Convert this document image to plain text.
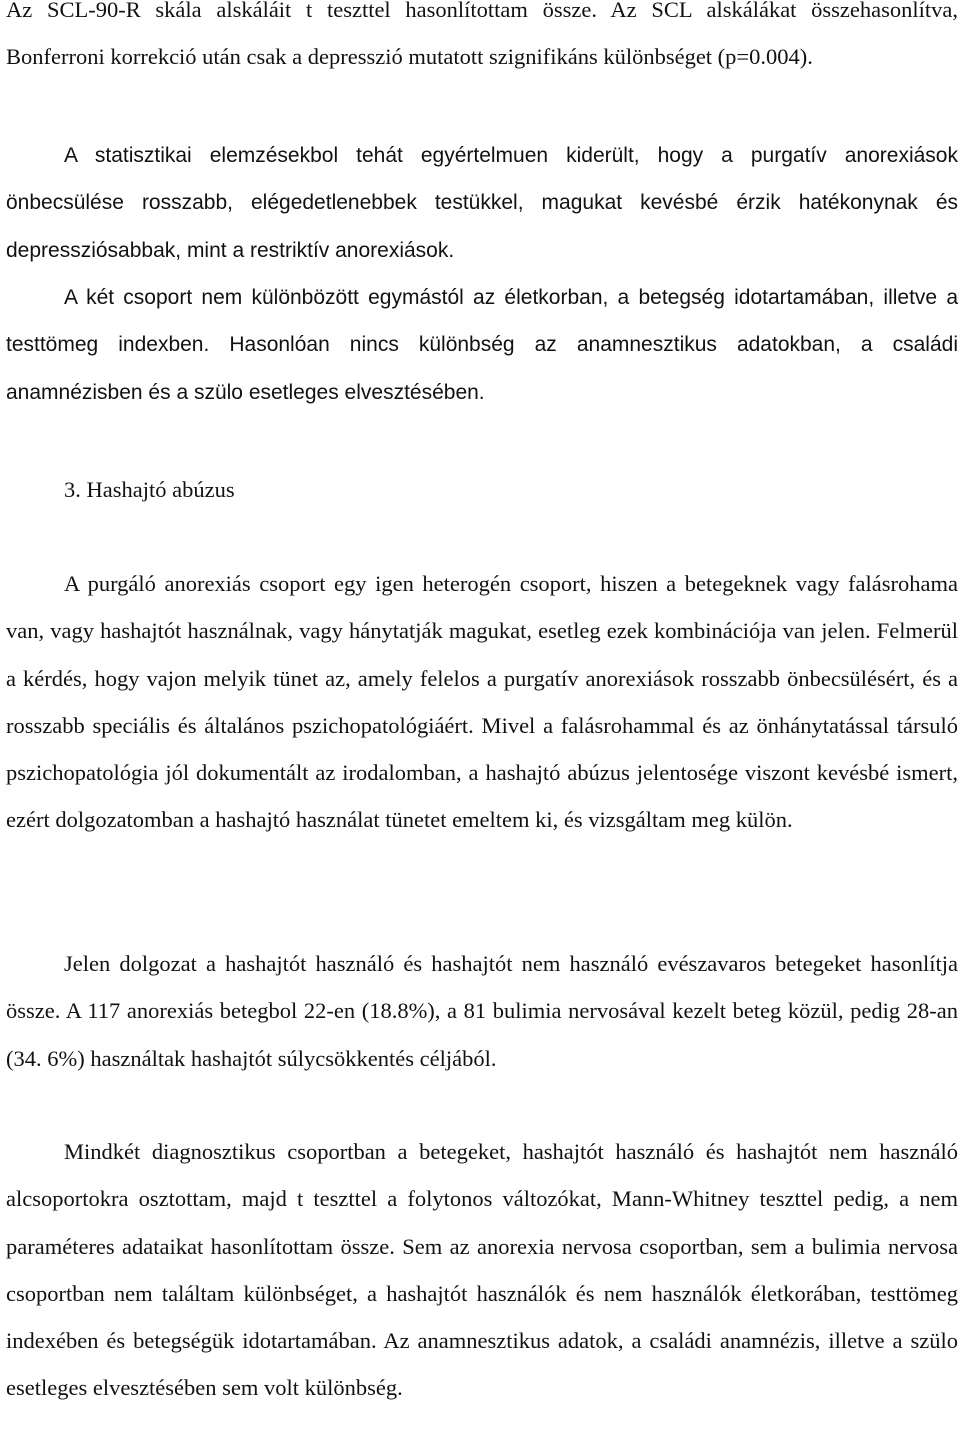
Az SCL-90-R skála alskáláit t teszttel hasonlítottam össze. Az SCL alskálákat összehasonlítva, Bonferroni korrekció után csak a depresszió mutatott szignifikáns különbséget (p=0.004).

A statisztikai elemzésekbol tehát egyértelmuen kiderült, hogy a purgatív anorexiások önbecsülése rosszabb, elégedetlenebbek testükkel, magukat kevésbé érzik hatékonynak és depressziósabbak, mint a restriktív anorexiások.

A két csoport nem különbözött egymástól az életkorban, a betegség idotartamában, illetve a testtömeg indexben. Hasonlóan nincs különbség az anamnesztikus adatokban, a családi anamnézisben és a szülo esetleges elvesztésében.

3. Hashajtó abúzus

A purgáló anorexiás csoport egy igen heterogén csoport, hiszen a betegeknek vagy falásrohama van, vagy hashajtót használnak, vagy hánytatják magukat, esetleg ezek kombinációja van jelen. Felmerül a kérdés, hogy vajon melyik tünet az, amely felelos a purgatív anorexiások rosszabb önbecsülésért, és a rosszabb speciális és általános pszichopatológiáért. Mivel a falásrohammal és az önhánytatással társuló pszichopatológia jól dokumentált az irodalomban, a hashajtó abúzus jelentosége viszont kevésbé ismert, ezért dolgozatomban a hashajtó használat tünetet emeltem ki, és vizsgáltam meg külön.

Jelen dolgozat a hashajtót használó és hashajtót nem használó evészavaros betegeket hasonlítja össze. A 117 anorexiás betegbol 22-en (18.8%), a 81 bulimia nervosával kezelt beteg közül, pedig 28-an (34. 6%) használtak hashajtót súlycsökkentés céljából.

Mindkét diagnosztikus csoportban a betegeket, hashajtót használó és hashajtót nem használó alcsoportokra osztottam, majd t teszttel a folytonos változókat, Mann-Whitney teszttel pedig, a nem paraméteres adataikat hasonlítottam össze. Sem az anorexia nervosa csoportban, sem a bulimia nervosa csoportban nem találtam különbséget, a hashajtót használók és nem használók életkorában, testtömeg indexében és betegségük idotartamában. Az anamnesztikus adatok, a családi anamnézis, illetve a szülo esetleges elvesztésében sem volt különbség.
